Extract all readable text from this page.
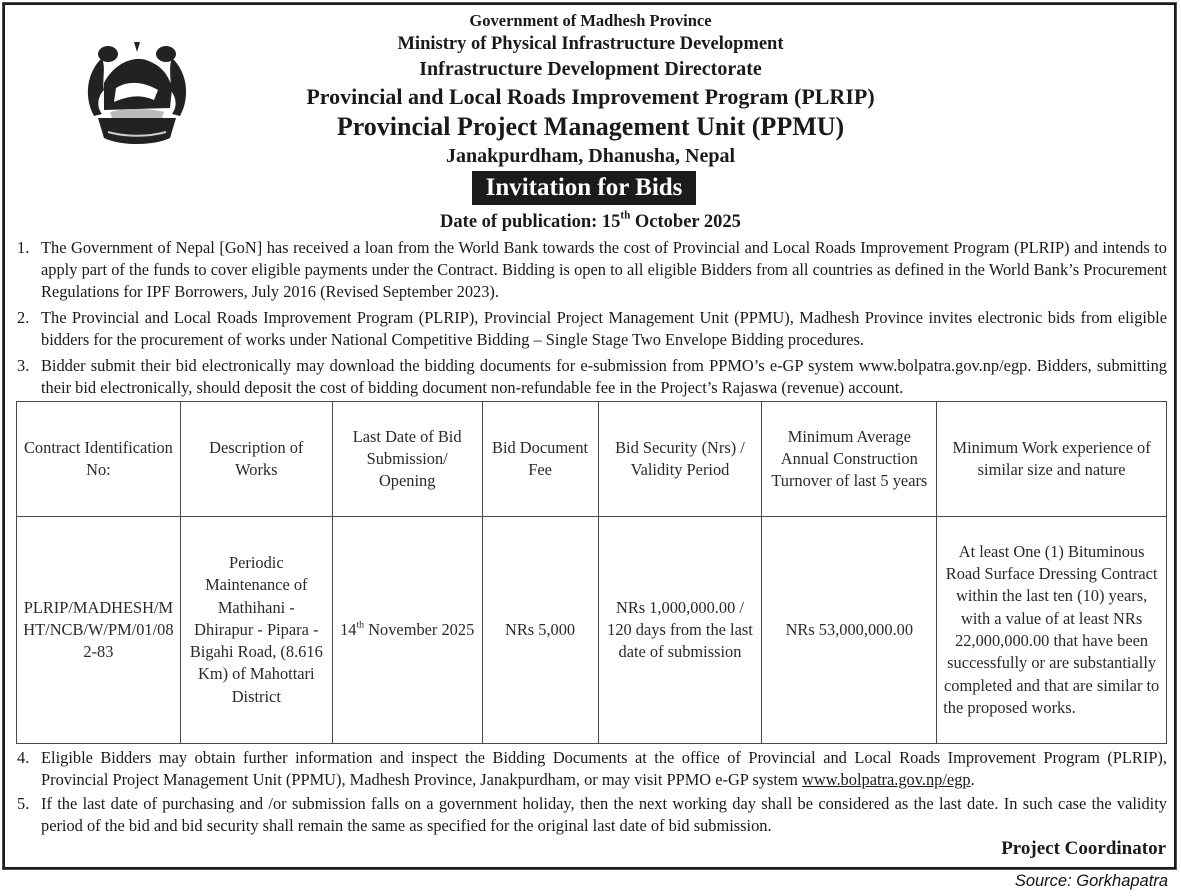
Government of Madhesh Province
Ministry of Physical Infrastructure Development
Infrastructure Development Directorate
Provincial and Local Roads Improvement Program (PLRIP)
Provincial Project Management Unit (PPMU)
Janakpurdham, Dhanusha, Nepal
Invitation for Bids
Date of publication: 15th October 2025
1. The Government of Nepal [GoN] has received a loan from the World Bank towards the cost of Provincial and Local Roads Improvement Program (PLRIP) and intends to apply part of the funds to cover eligible payments under the Contract. Bidding is open to all eligible Bidders from all countries as defined in the World Bank’s Procurement Regulations for IPF Borrowers, July 2016 (Revised September 2023).
2. The Provincial and Local Roads Improvement Program (PLRIP), Provincial Project Management Unit (PPMU), Madhesh Province invites electronic bids from eligible bidders for the procurement of works under National Competitive Bidding – Single Stage Two Envelope Bidding procedures.
3. Bidder submit their bid electronically may download the bidding documents for e-submission from PPMO’s e-GP system www.bolpatra.gov.np/egp. Bidders, submitting their bid electronically, should deposit the cost of bidding document non-refundable fee in the Project’s Rajaswa (revenue) account.
Contract Identification No:	Description of Works	Last Date of Bid Submission/ Opening	Bid Document Fee	Bid Security (Nrs) / Validity Period	Minimum Average Annual Construction Turnover of last 5 years	Minimum Work experience of similar size and nature
PLRIP/MADHESH/MHT/NCB/W/PM/01/082-83	Periodic Maintenance of Mathihani - Dhirapur - Pipara - Bigahi Road, (8.616 Km) of Mahottari District	14th November 2025	NRs 5,000	NRs 1,000,000.00 / 120 days from the last date of submission	NRs 53,000,000.00	At least One (1) Bituminous Road Surface Dressing Contract within the last ten (10) years, with a value of at least NRs 22,000,000.00 that have been successfully or are substantially completed and that are similar to the proposed works.
4. Eligible Bidders may obtain further information and inspect the Bidding Documents at the office of Provincial and Local Roads Improvement Program (PLRIP), Provincial Project Management Unit (PPMU), Madhesh Province, Janakpurdham, or may visit PPMO e-GP system www.bolpatra.gov.np/egp.
5. If the last date of purchasing and /or submission falls on a government holiday, then the next working day shall be considered as the last date. In such case the validity period of the bid and bid security shall remain the same as specified for the original last date of bid submission.
Project Coordinator
Source: Gorkhapatra
